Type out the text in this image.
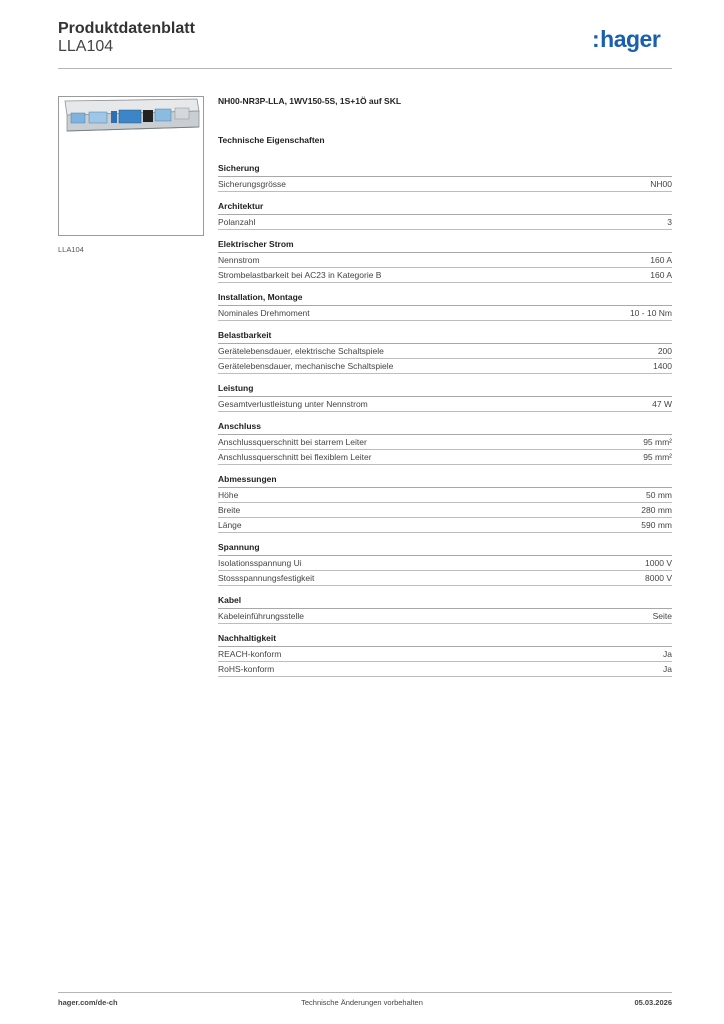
Produktdatenblatt
LLA104	:hager
LLA104
NH00-NR3P-LLA, 1WV150-5S, 1S+1Ö auf SKL
Technische Eigenschaften
Sicherung
Sicherungsgrösse	NH00
Architektur
Polanzahl	3
Elektrischer Strom
Nennstrom	160 A
Strombelastbarkeit bei AC23 in Kategorie B	160 A
Installation, Montage
Nominales Drehmoment	10 - 10 Nm
Belastbarkeit
Gerätelebensdauer, elektrische Schaltspiele	200
Gerätelebensdauer, mechanische Schaltspiele	1400
Leistung
Gesamtverlustleistung unter Nennstrom	47 W
Anschluss
Anschlussquerschnitt bei starrem Leiter	95 mm²
Anschlussquerschnitt bei flexiblem Leiter	95 mm²
Abmessungen
Höhe	50 mm
Breite	280 mm
Länge	590 mm
Spannung
Isolationsspannung Ui	1000 V
Stossspannungsfestigkeit	8000 V
Kabel
Kabeleinführungsstelle	Seite
Nachhaltigkeit
REACH-konform	Ja
RoHS-konform	Ja
hager.com/de-ch	Technische Änderungen vorbehalten	05.03.2026
